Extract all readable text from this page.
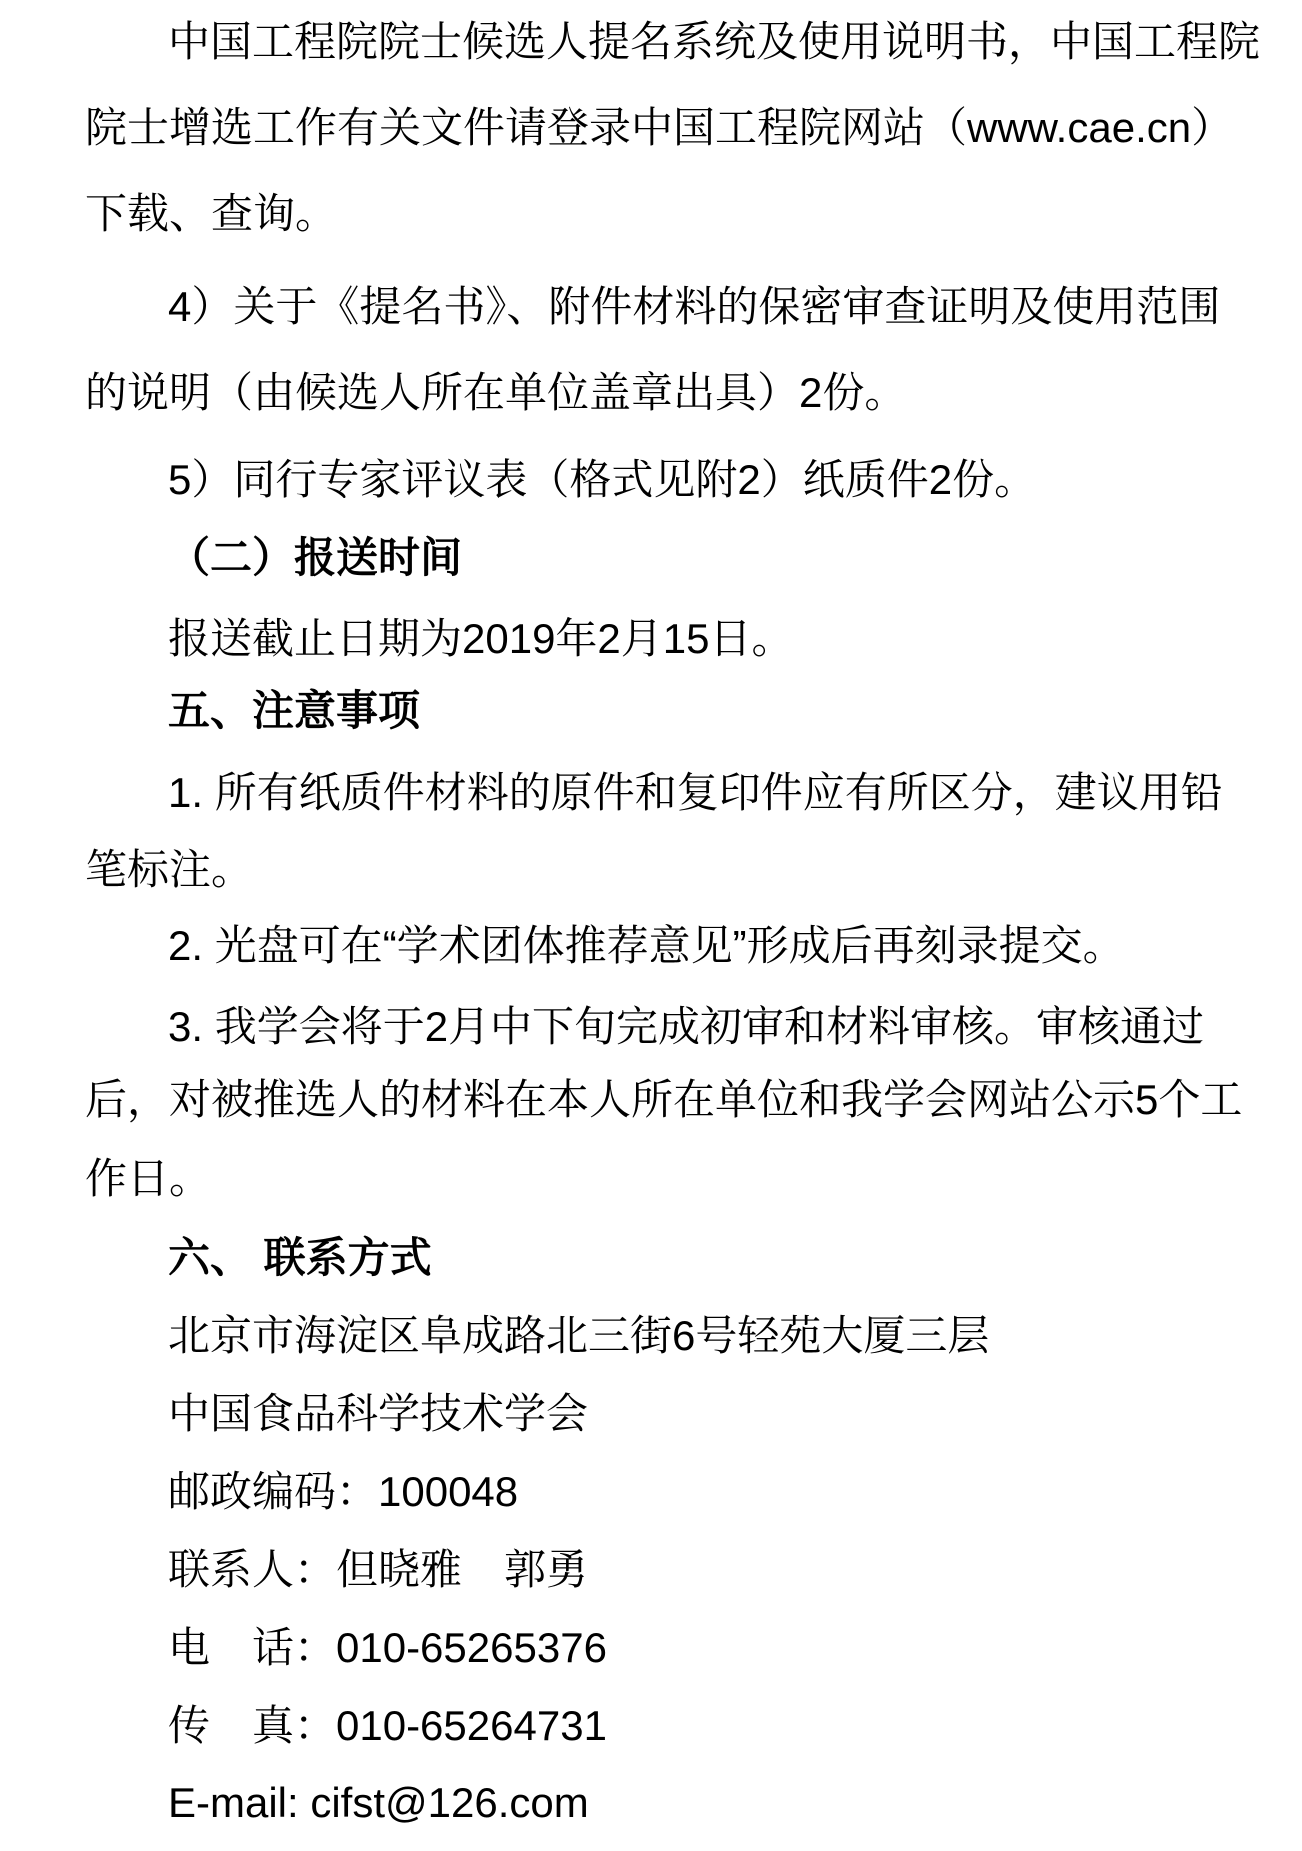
中国工程院院士候选人提名系统及使用说明书，中国工程院
院士增选工作有关文件请登录中国工程院网站（www.cae.cn）
下载、查询。
4）关于《提名书》、附件材料的保密审查证明及使用范围
的说明（由候选人所在单位盖章出具）2份。
5）同行专家评议表（格式见附2）纸质件2份。
（二）报送时间
报送截止日期为2019年2月15日。
五、注意事项
1. 所有纸质件材料的原件和复印件应有所区分，建议用铅
笔标注。
2. 光盘可在“学术团体推荐意见”形成后再刻录提交。
3. 我学会将于2月中下旬完成初审和材料审核。审核通过
后，对被推选人的材料在本人所在单位和我学会网站公示5个工
作日。
六、 联系方式
北京市海淀区阜成路北三街6号轻苑大厦三层
中国食品科学技术学会
邮政编码：100048
联系人：但晓雅　郭勇
电　话：010-65265376
传　真：010-65264731
E-mail: cifst@126.com
